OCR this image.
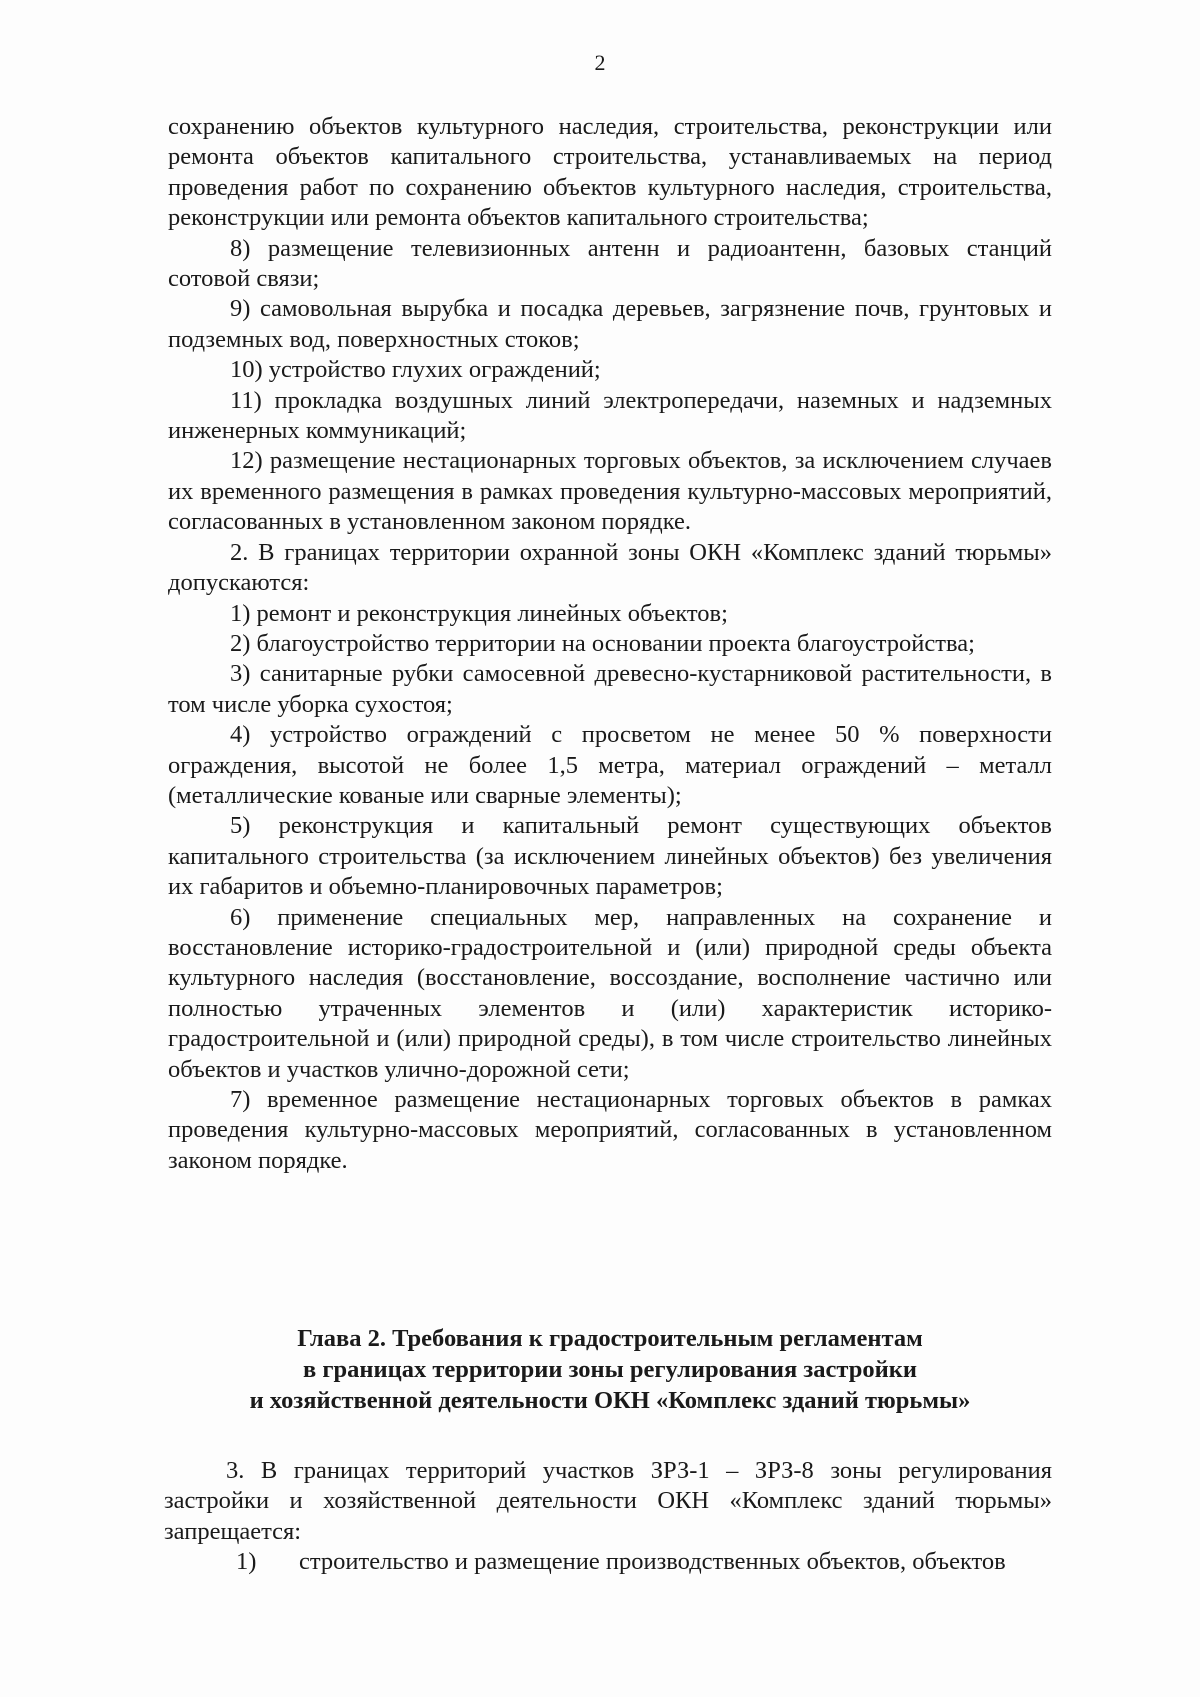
2

сохранению объектов культурного наследия, строительства, реконструкции или ремонта объектов капитального строительства, устанавливаемых на период проведения работ по сохранению объектов культурного наследия, строительства, реконструкции или ремонта объектов капитального строительства;

8) размещение телевизионных антенн и радиоантенн, базовых станций сотовой связи;

9) самовольная вырубка и посадка деревьев, загрязнение почв, грунтовых и подземных вод, поверхностных стоков;

10) устройство глухих ограждений;

11) прокладка воздушных линий электропередачи, наземных и надземных инженерных коммуникаций;

12) размещение нестационарных торговых объектов, за исключением случаев их временного размещения в рамках проведения культурно-массовых мероприятий, согласованных в установленном законом порядке.

2. В границах территории охранной зоны ОКН «Комплекс зданий тюрьмы» допускаются:

1) ремонт и реконструкция линейных объектов;

2) благоустройство территории на основании проекта благоустройства;

3) санитарные рубки самосевной древесно-кустарниковой растительности, в том числе уборка сухостоя;

4) устройство ограждений с просветом не менее 50 % поверхности ограждения, высотой не более 1,5 метра, материал ограждений – металл (металлические кованые или сварные элементы);

5) реконструкция и капитальный ремонт существующих объектов капитального строительства (за исключением линейных объектов) без увеличения их габаритов и объемно-планировочных параметров;

6) применение специальных мер, направленных на сохранение и восстановление историко-градостроительной и (или) природной среды объекта культурного наследия (восстановление, воссоздание, восполнение частично или полностью утраченных элементов и (или) характеристик историко-градостроительной и (или) природной среды), в том числе строительство линейных объектов и участков улично-дорожной сети;

7) временное размещение нестационарных торговых объектов в рамках проведения культурно-массовых мероприятий, согласованных в установленном законом порядке.

Глава 2. Требования к градостроительным регламентам
в границах территории зоны регулирования застройки
и хозяйственной деятельности ОКН «Комплекс зданий тюрьмы»

3. В границах территорий участков ЗРЗ-1 – ЗРЗ-8 зоны регулирования застройки и хозяйственной деятельности ОКН «Комплекс зданий тюрьмы» запрещается:

1)	строительство и размещение производственных объектов, объектов
